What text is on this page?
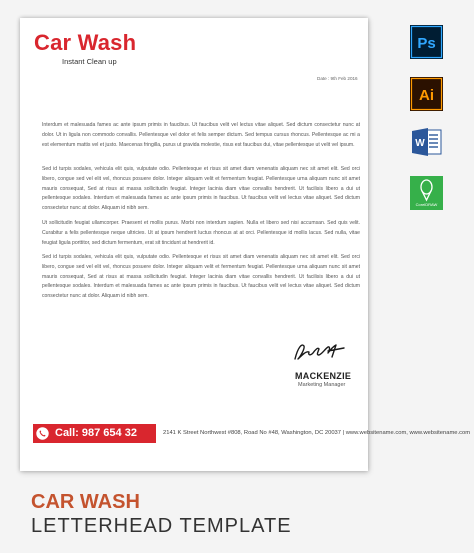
Car Wash
Instant Clean up
Date : 9th Feb 2016

Interdum et malesuada fames ac ante ipsum primis in faucibus. Ut faucibus velit vel lectus vitae aliquet. Sed dictum consectetur nunc at dolor. Ut in ligula non commodo convallis. Pellentesque vel dolor et felis semper dictum. Sed tempus cursus rhoncus. Pellentesque ac mi a est elementum mattis vel et justo. Maecenas fringilla, purus ut gravida molestie, risus est faucibus dui, vitae pellentesque ut velit vel ipsum.

Sed id turpis sodales, vehicula elit quis, vulputate odio. Pellentesque et risus sit amet diam venenatis aliquam nec sit amet elit. Sed orci libero, congue sed vel elit vel, rhoncus posuere dolor. Integer aliquam velit et fermentum feugiat. Pellentesque urna aliquam nunc sit amet mauris consequat, Sed at risus at massa sollicitudin feugiat. Integer lacinia diam vitae convallis hendrerit. Ut facilisis libero a dui ut pellentesque sodales. Interdum et malesuada fames ac ante ipsum primis in faucibus. Ut faucibus velit vel lectus vitae aliquet. Sed dictum consectetur nunc at dolor. Aliquam id nibh sem.

Ut sollicitudin feugiat ullamcorper. Praesent et mollis purus. Morbi non interdum sapien. Nulla et libero sed nisi accumsan. Sed quis velit. Curabitur a felis pellentesque neque ultricies. Ut at ipsum hendrerit luctus rhoncus at at orci. Pellentesque id mollis lacus. Sed nulla, vitae feugiat ligula porttitor, sed dictum fermentum, erat sit tincidunt at hendrerit id.

Sed id turpis sodales, vehicula elit quis, vulputate odio. Pellentesque et risus sit amet diam venenatis aliquam nec sit amet elit. Sed orci libero, congue sed vel elit vel, rhoncus posuere dolor. Integer aliquam velit et fermentum feugiat. Pellentesque urna aliquam nunc sit amet mauris consequat, Sed at risus at massa sollicitudin feugiat. Integer lacinia diam vitae convallis hendrerit. Ut facilisis libero a dui ut pellentesque sodales. Interdum et malesuada fames ac ante ipsum primis in faucibus. Ut faucibus velit vel lectus vitae aliquet. Sed dictum consectetur nunc at dolor. Aliquam id nibh sem.

MACKENZIE
Marketing Manager
Call: 987 654 32	2141 K Street Northwest #808, Road No #48, Washington, DC 20037 | www.websitename.com, www.websitename.com
Ps
Ai
W
CorelDRAW
CAR WASH
LETTERHEAD TEMPLATE
